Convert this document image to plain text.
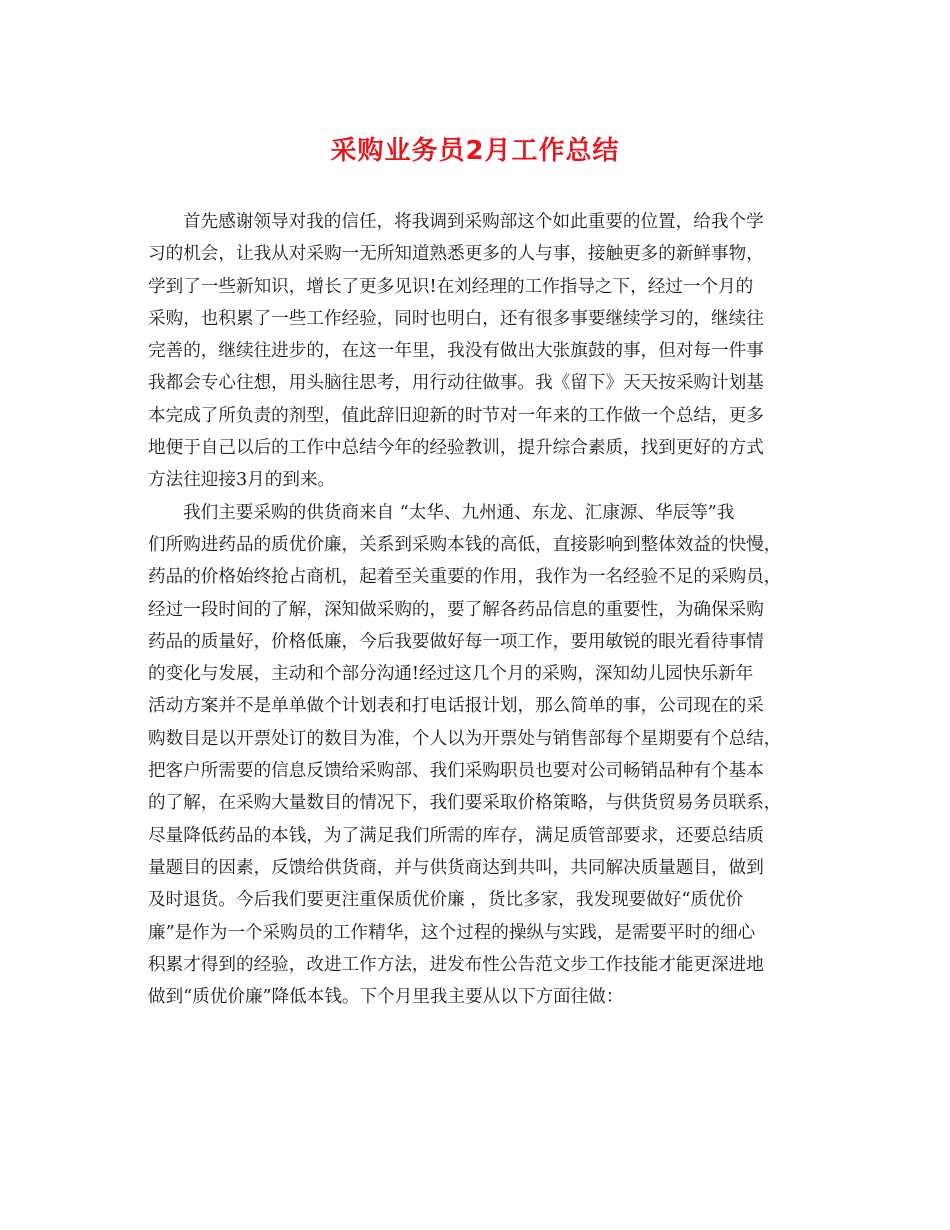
采购业务员2月工作总结

首先感谢领导对我的信任，将我调到采购部这个如此重要的位置，给我个学

习的机会，让我从对采购一无所知道熟悉更多的人与事，接触更多的新鲜事物，

学到了一些新知识，增长了更多见识!在刘经理的工作指导之下，经过一个月的

采购，也积累了一些工作经验，同时也明白，还有很多事要继续学习的，继续往

完善的，继续往进步的，在这一年里，我没有做出大张旗鼓的事，但对每一件事

我都会专心往想，用头脑往思考，用行动往做事。我《留下》天天按采购计划基

本完成了所负责的剂型，值此辞旧迎新的时节对一年来的工作做一个总结，更多

地便于自己以后的工作中总结今年的经验教训，提升综合素质，找到更好的方式

方法往迎接3月的到来。

我们主要采购的供货商来自 “太华、九州通、东龙、汇康源、华辰等”我

们所购进药品的质优价廉，关系到采购本钱的高低，直接影响到整体效益的快慢，

药品的价格始终抢占商机，起着至关重要的作用，我作为一名经验不足的采购员，

经过一段时间的了解，深知做采购的，要了解各药品信息的重要性，为确保采购

药品的质量好，价格低廉，今后我要做好每一项工作，要用敏锐的眼光看待事情

的变化与发展，主动和个部分沟通!经过这几个月的采购，深知幼儿园快乐新年

活动方案并不是单单做个计划表和打电话报计划，那么简单的事，公司现在的采

购数目是以开票处订的数目为准，个人以为开票处与销售部每个星期要有个总结，

把客户所需要的信息反馈给采购部、我们采购职员也要对公司畅销品种有个基本

的了解，在采购大量数目的情况下，我们要采取价格策略，与供货贸易务员联系，

尽量降低药品的本钱，为了满足我们所需的库存，满足质管部要求，还要总结质

量题目的因素，反馈给供货商，并与供货商达到共叫，共同解决质量题目，做到

及时退货。今后我们要更注重保质优价廉 ，货比多家，我发现要做好“质优价

廉”是作为一个采购员的工作精华，这个过程的操纵与实践，是需要平时的细心

积累才得到的经验，改进工作方法，进发布性公告范文步工作技能才能更深进地

做到“质优价廉”降低本钱。下个月里我主要从以下方面往做：
